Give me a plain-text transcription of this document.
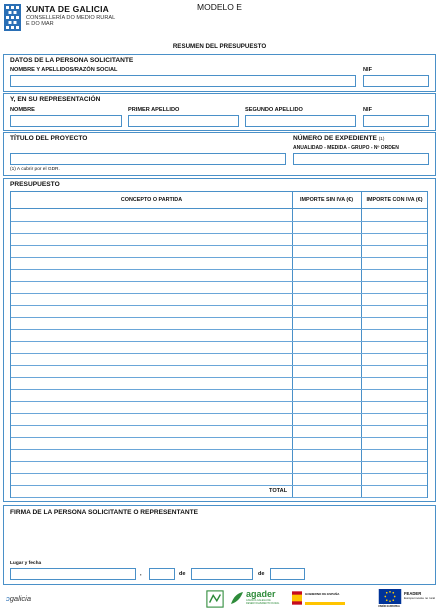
XUNTA DE GALICIA
CONSELLERÍA DO MEDIO RURAL
E DO MAR
MODELO E
RESUMEN DEL PRESUPUESTO
DATOS DE LA PERSONA SOLICITANTE
NOMBRE Y APELLIDOS/RAZÓN SOCIAL	NIF
Y, EN SU REPRESENTACIÓN
NOMBRE	PRIMER APELLIDO	SEGUNDO APELLIDO	NIF
TÍTULO DEL PROYECTO	NÚMERO DE EXPEDIENTE (1)
ANUALIDAD - MEDIDA - GRUPO - Nº ORDEN
(1) A cubrir por el GDR.
PRESUPUESTO
CONCEPTO O PARTIDA	IMPORTE SIN IVA (€)	IMPORTE CON IVA (€)
TOTAL
FIRMA DE LA PERSONA SOLICITANTE O REPRESENTANTE
Lugar y fecha
,	de	de
ↄgalicia	agader
AXENCIA GALEGA DE DESENVOLVEMENTO RURAL
GOBIERNO DE ESPAÑA
UNIÓN EUROPEA
FEADER
Europa investe no rural
